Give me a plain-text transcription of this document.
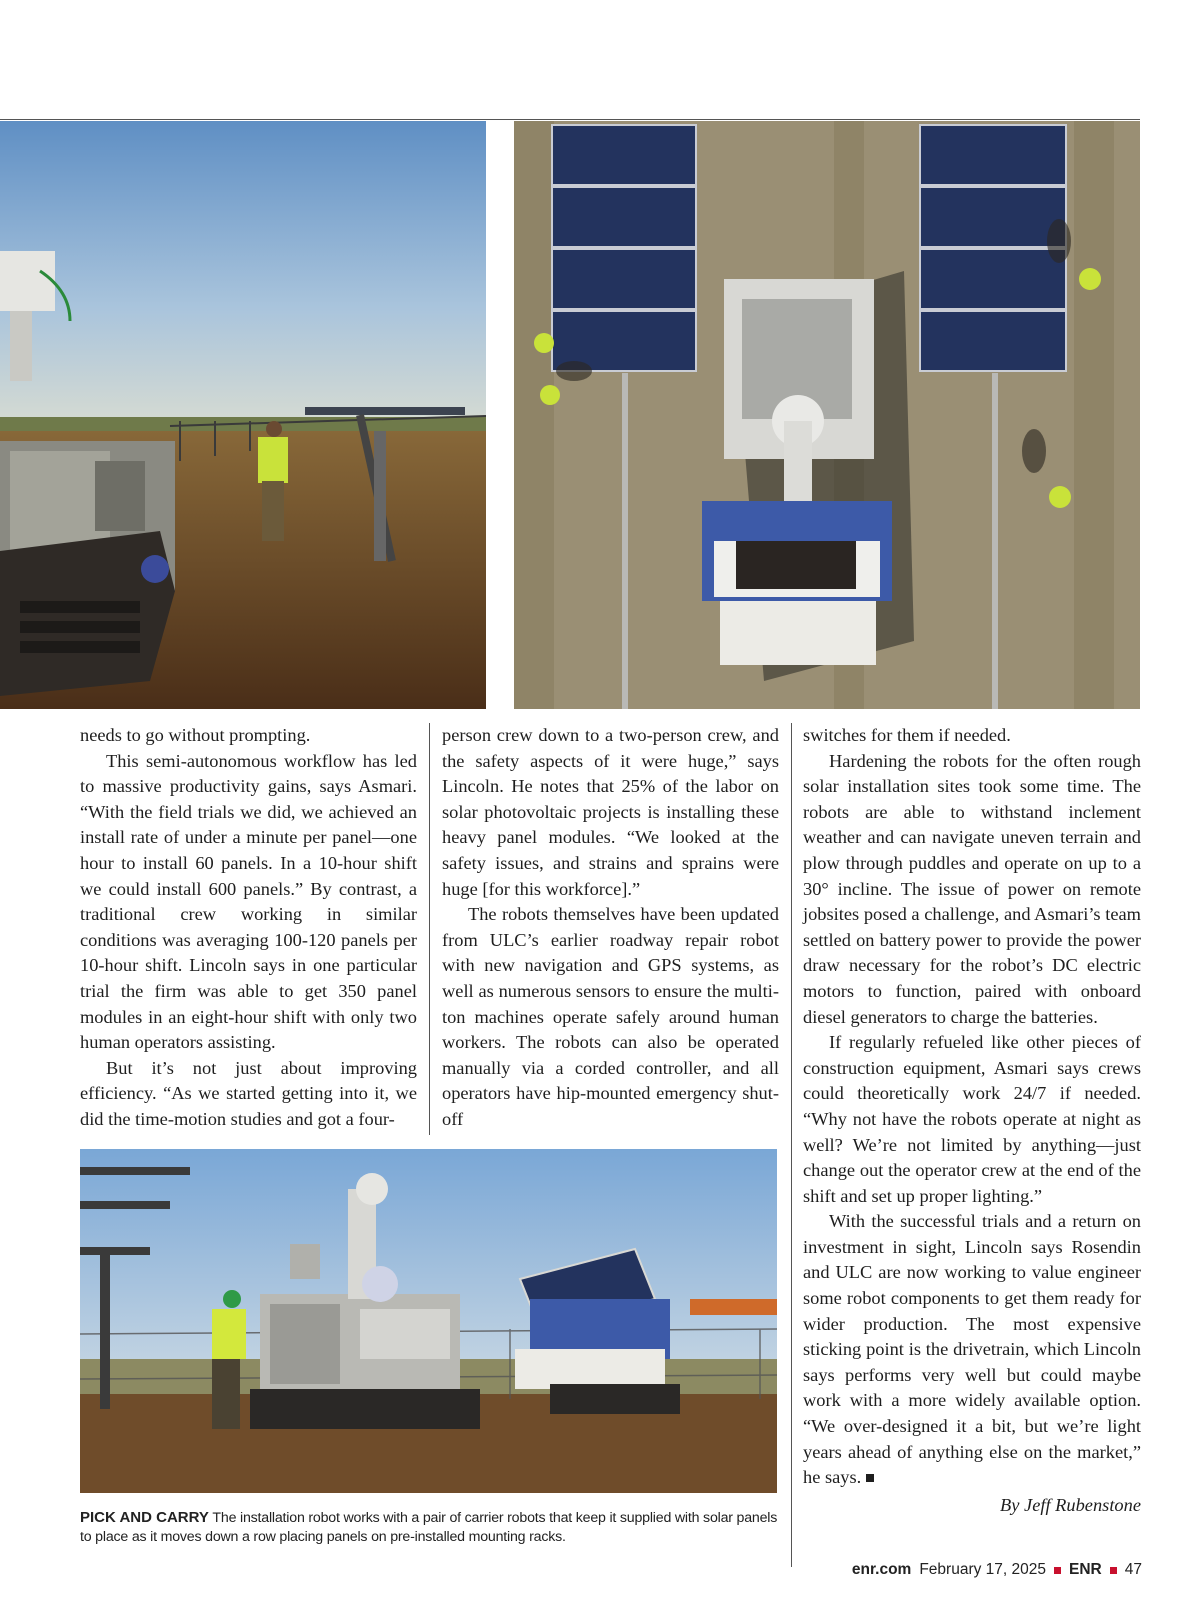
needs to go without prompting.

This semi-autonomous workflow has led to massive productivity gains, says Asmari. “With the field trials we did, we achieved an install rate of under a minute per panel—one hour to install 60 panels. In a 10-hour shift we could install 600 panels.” By contrast, a traditional crew working in similar conditions was averaging 100-120 panels per 10-hour shift. Lincoln says in one particular trial the firm was able to get 350 panel modules in an eight-hour shift with only two human operators assisting.

But it’s not just about improving efficiency. “As we started getting into it, we did the time-motion studies and got a four-

person crew down to a two-person crew, and the safety aspects of it were huge,” says Lincoln. He notes that 25% of the labor on solar photovoltaic projects is installing these heavy panel modules. “We looked at the safety issues, and strains and sprains were huge [for this workforce].”

The robots themselves have been updated from ULC’s earlier roadway repair robot with new navigation and GPS systems, as well as numerous sensors to ensure the multi-ton machines operate safely around human workers. The robots can also be operated manually via a corded controller, and all operators have hip-mounted emergency shut-off

switches for them if needed.

Hardening the robots for the often rough solar installation sites took some time. The robots are able to withstand inclement weather and can navigate uneven terrain and plow through puddles and operate on up to a 30° incline. The issue of power on remote jobsites posed a challenge, and Asmari’s team settled on battery power to provide the power draw necessary for the robot’s DC electric motors to function, paired with onboard diesel generators to charge the batteries.

If regularly refueled like other pieces of construction equipment, Asmari says crews could theoretically work 24/7 if needed. “Why not have the robots operate at night as well? We’re not limited by anything—just change out the operator crew at the end of the shift and set up proper lighting.”

With the successful trials and a return on investment in sight, Lincoln says Rosendin and ULC are now working to value engineer some robot components to get them ready for wider production. The most expensive sticking point is the drivetrain, which Lincoln says performs very well but could maybe work with a more widely available option. “We over-designed it a bit, but we’re light years ahead of anything else on the market,” he says.

By Jeff Rubenstone
PICK AND CARRY The installation robot works with a pair of carrier robots that keep it supplied with solar panels to place as it moves down a row placing panels on pre-installed mounting racks.
enr.com February 17, 2025 ENR 47
